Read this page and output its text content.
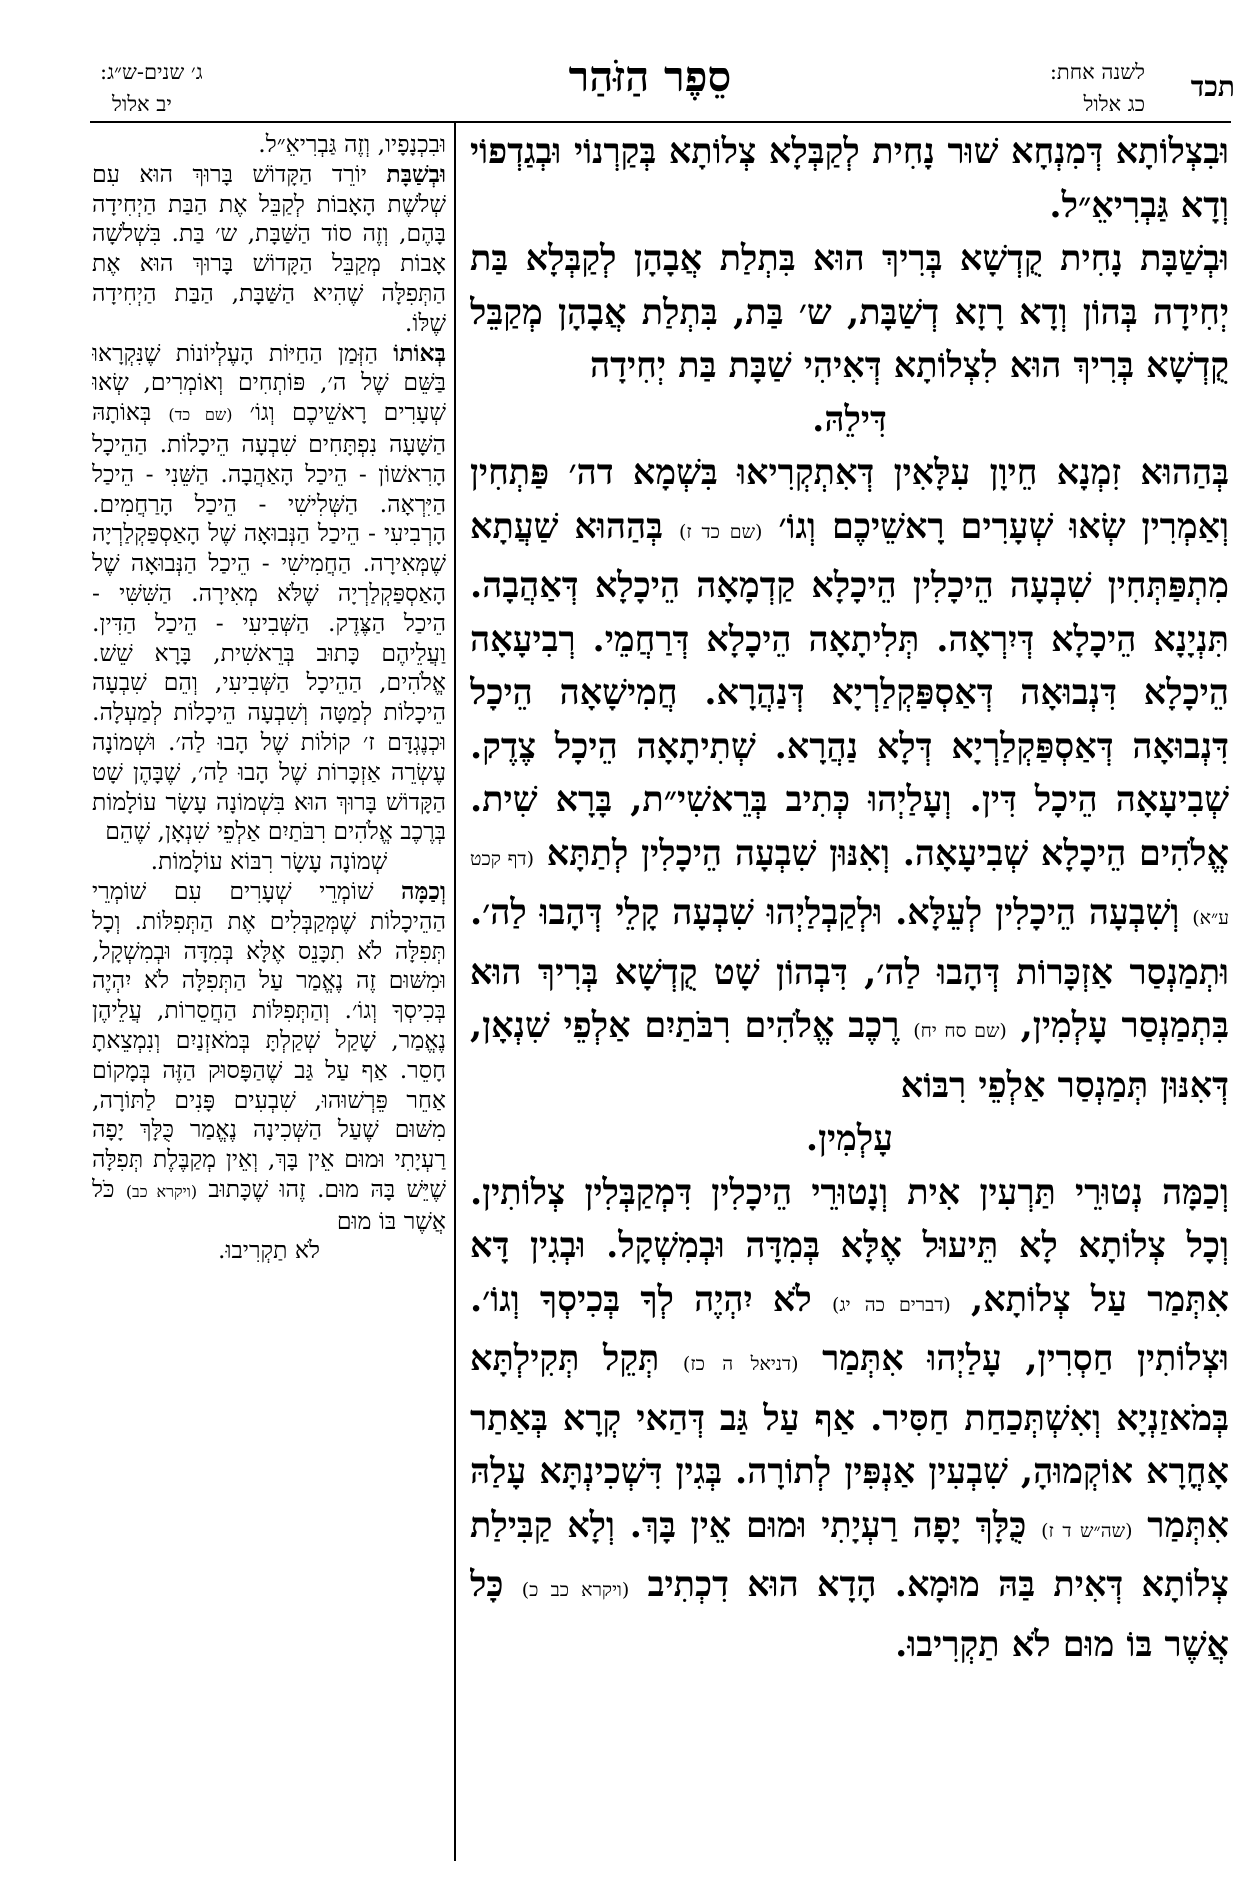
תכד
לשנה אחת:
כג אלול
סֵפֶר הַזֹּהַר
ג׳ שנים-ש״ג:
יב אלול

וּבִצְלוֹתָא דְּמִנְחָא שׁוּר נָחִית לְקַבְּלָא צְלוֹתָא בְּקַרְנוֹי וּבְגַדְפוֹי וְדָא גַּבְרִיאֵ״ל.

וּבְשַׁבָּת נָחִית קֻדְשָׁא בְּרִיךְ הוּא בִּתְלַת אֲבָהָן לְקַבְּלָא בַּת יְחִידָה בְּהוֹן וְדָא רָזָא דְשַׁבָּת, ש׳ בַּת, בִּתְלַת אֲבָהָן מְקַבֵּל קֻדְשָׁא בְּרִיךְ הוּא לִצְלוֹתָא דְּאִיהִי שַׁבָּת בַּת יְחִידָה

דִּילֵהּ.

בְּהַהוּא זִמְנָא חֵיוָן עִלָּאִין דְּאִתְקְרִיאוּ בִּשְׁמָא דה׳ פַּתְחִין וְאַמְרִין שְׂאוּ שְׁעָרִים רָאשֵׁיכֶם וְגוֹ׳ (שם כד ז) בְּהַהוּא שַׁעֲתָא מִתְפַּתְּחִין שִׁבְעָה הֵיכָלִין הֵיכָלָא קַדְמָאָה הֵיכָלָא דְּאַהֲבָה. תִּנְיָנָא הֵיכָלָא דְּיִרְאָה. תְּלִיתָאָה הֵיכָלָא דְּרַחֲמֵי. רְבִיעָאָה הֵיכָלָא דִּנְבוּאָה דְּאַסְפַּקְלַרְיָא דְּנַהֲרָא. חֲמִישָׁאָה הֵיכָל דִּנְבוּאָה דְּאַסְפַּקְלַרְיָא דְּלָא נַהֲרָא. שְׁתִיתָאָה הֵיכָל צֶדֶק. שְׁבִיעָאָה הֵיכָל דִּין. וְעָלַיְהוּ כְּתִיב בְּרֵאשִׁי״ת, בָּרָא שִׁית. אֱלֹהִים הֵיכָלָא שְׁבִיעָאָה. וְאִנּוּן שִׁבְעָה הֵיכָלִין לְתַתָּא (דף קכט ע״א) וְשִׁבְעָה הֵיכָלִין לְעֵלָּא. וּלְקַבְלַיְהוּ שִׁבְעָה קָלֵי דְּהָבוּ לַה׳. וּתְמַנְסַר אַזְכָּרוֹת דְּהָבוּ לַה׳, דִּבְהוֹן שָׁט קֻדְשָׁא בְּרִיךְ הוּא בִּתְמַנְסַר עָלְמִין, (שם סח יח) רֶכֶב אֱלֹהִים רִבֹּתַיִם אַלְפֵי שִׁנְאָן, דְּאִנּוּן תְּמַנְסַר אַלְפֵי רִבּוֹא

עָלְמִין.

וְכַמָּה נְטוּרֵי תַּרְעִין אִית וְנָטוּרֵי הֵיכָלִין דִּמְקַבְּלִין צְלוֹתִין. וְכָל צְלוֹתָא לָא תֵּיעוּל אֶלָּא בְּמִדָּה וּבְמִשְׁקָל. וּבְגִין דָּא אִתְּמַר עַל צְלוֹתָא, (דברים כה יג) לֹא יִהְיֶה לְךָ בְּכִיסְךָ וְגוֹ׳. וּצְלוֹתִין חַסְרִין, עָלַיְהוּ אִתְּמַר (דניאל ה כז) תְּקֵל תְּקִילְתָּא בְּמֹאזַנְיָא וְאִשְׁתְּכַחַת חַסִּיר. אַף עַל גַּב דְּהַאי קְרָא בְּאַתַר אָחֳרָא אוֹקְמוּהָ, שִׁבְעִין אַנְפִּין לְתוֹרָה. בְּגִין דִּשְׁכִינְתָּא עָלַהּ אִתְּמַר (שה״ש ד ז) כֻּלָּךְ יָפָה רַעְיָתִי וּמוּם אֵין בָּךְ. וְלָא קַבִּילַת צְלוֹתָא דְּאִית בַּהּ מוּמָא. הָדָא הוּא דִכְתִיב (ויקרא כב כ) כָּל אֲשֶׁר בּוֹ מוּם לֹא תַקְרִיבוּ.

וּבִכְנָפָיו, וְזֶה גַּבְרִיאֵ״ל.

וּבְשַׁבָּת יוֹרֵד הַקָּדוֹשׁ בָּרוּךְ הוּא עִם שְׁלֹשֶׁת הָאָבוֹת לְקַבֵּל אֶת הַבַּת הַיְחִידָה בָּהֶם, וְזֶה סוֹד הַשַּׁבָּת, ש׳ בַּת. בִּשְׁלֹשָׁה אָבוֹת מְקַבֵּל הַקָּדוֹשׁ בָּרוּךְ הוּא אֶת הַתְּפִלָּה שֶׁהִיא הַשַּׁבָּת, הַבַּת הַיְחִידָה שֶׁלּוֹ.

בְּאוֹתוֹ הַזְּמַן הַחַיּוֹת הָעֶלְיוֹנוֹת שֶׁנִּקְרָאוּ בַּשֵּׁם שֶׁל ה׳, פּוֹתְחִים וְאוֹמְרִים, שְׂאוּ שְׁעָרִים רָאשֵׁיכֶם וְגוֹ׳ (שם כד) בְּאוֹתָהּ הַשָּׁעָה נִפְתָּחִים שִׁבְעָה הֵיכָלוֹת. הַהֵיכָל הָרִאשׁוֹן - הֵיכַל הָאַהֲבָה. הַשֵּׁנִי - הֵיכַל הַיִּרְאָה. הַשְּׁלִישִׁי - הֵיכַל הָרַחֲמִים. הָרְבִיעִי - הֵיכַל הַנְּבוּאָה שֶׁל הָאַסְפַּקְלַרְיָה שֶׁמְּאִירָה. הַחֲמִישִׁי - הֵיכַל הַנְּבוּאָה שֶׁל הָאַסְפַּקְלַרְיָה שֶׁלֹּא מְאִירָה. הַשִּׁשִּׁי - הֵיכַל הַצֶּדֶק. הַשְּׁבִיעִי - הֵיכַל הַדִּין. וַעֲלֵיהֶם כָּתוּב בְּרֵאשִׁית, בָּרָא שֵׁשׁ. אֱלֹהִים, הַהֵיכָל הַשְּׁבִיעִי, וְהֵם שִׁבְעָה הֵיכָלוֹת לְמַטָּה וְשִׁבְעָה הֵיכָלוֹת לְמַעְלָה. וּכְנֶגְדָּם ז׳ קוֹלוֹת שֶׁל הָבוּ לַה׳. וּשְׁמוֹנָה עֶשְׂרֵה אַזְכָּרוֹת שֶׁל הָבוּ לַה׳, שֶׁבָּהֶן שָׁט הַקָּדוֹשׁ בָּרוּךְ הוּא בִּשְׁמוֹנָה עָשָׂר עוֹלָמוֹת בְּרֶכֶב אֱלֹהִים רִבֹּתַיִם אַלְפֵי שִׁנְאָן, שֶׁהֵם

שְׁמוֹנָה עָשָׂר רִבּוֹא עוֹלָמוֹת.

וְכַמָּה שׁוֹמְרֵי שְׁעָרִים עִם שׁוֹמְרֵי הַהֵיכָלוֹת שֶׁמְּקַבְּלִים אֶת הַתְּפִלּוֹת. וְכָל תְּפִלָּה לֹא תִכָּנֵס אֶלָּא בְּמִדָּה וּבְמִשְׁקָל, וּמִשּׁוּם זֶה נֶאֱמַר עַל הַתְּפִלָּה לֹא יִהְיֶה בְּכִיסְךָ וְגוֹ׳. וְהַתְּפִלּוֹת הַחֲסֵרוֹת, עֲלֵיהֶן נֶאֱמַר, שָׁקַל שְׁקַלְתָּ בְּמֹאזְנַיִם וְנִמְצֵאתָ חָסֵר. אַף עַל גַּב שֶׁהַפָּסוּק הַזֶּה בְּמָקוֹם אַחֵר פֵּרְשׁוּהוּ, שִׁבְעִים פָּנִים לַתּוֹרָה, מִשּׁוּם שֶׁעַל הַשְּׁכִינָה נֶאֱמַר כֻּלָּךְ יָפָה רַעְיָתִי וּמוּם אֵין בָּךְ, וְאֵין מְקַבֶּלֶת תְּפִלָּה שֶׁיֵּשׁ בָּהּ מוּם. זֶהוּ שֶׁכָּתוּב (ויקרא כב) כֹּל אֲשֶׁר בּוֹ מוּם

לֹא תַקְרִיבוּ.
